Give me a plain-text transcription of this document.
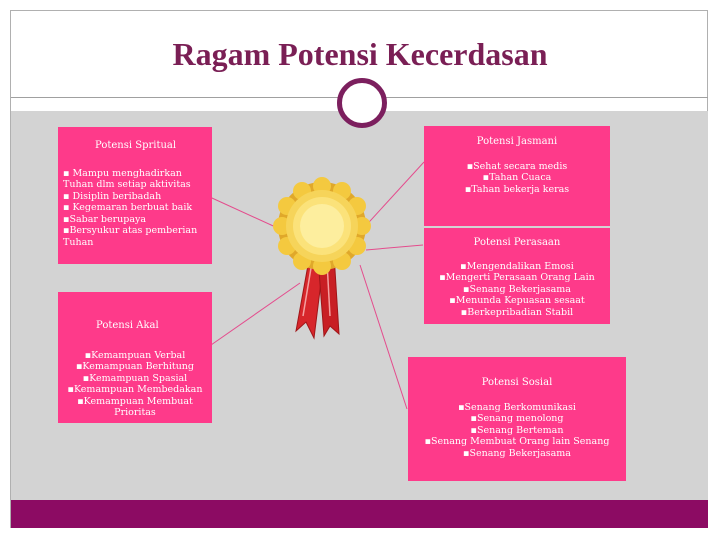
Ragam Potensi Kecerdasan
Potensi Spritual
▪ Mampu menghadirkan Tuhan dlm setiap aktivitas
▪ Disiplin beribadah
▪ Kegemaran berbuat baik
▪Sabar berupaya
▪Bersyukur atas pemberian Tuhan
Potensi Akal
▪Kemampuan Verbal
▪Kemampuan Berhitung
▪Kemampuan Spasial
▪Kemampuan Membedakan
▪Kemampuan Membuat Prioritas
Potensi Jasmani
▪Sehat secara medis
▪Tahan Cuaca
▪Tahan bekerja keras
Potensi Perasaan
▪Mengendalikan Emosi
▪Mengerti Perasaan Orang Lain
▪Senang Bekerjasama
▪Menunda Kepuasan sesaat
▪Berkepribadian Stabil
Potensi Sosial
▪Senang Berkomunikasi
▪Senang menolong
▪Senang Berteman
▪Senang Membuat Orang lain Senang
▪Senang Bekerjasama
